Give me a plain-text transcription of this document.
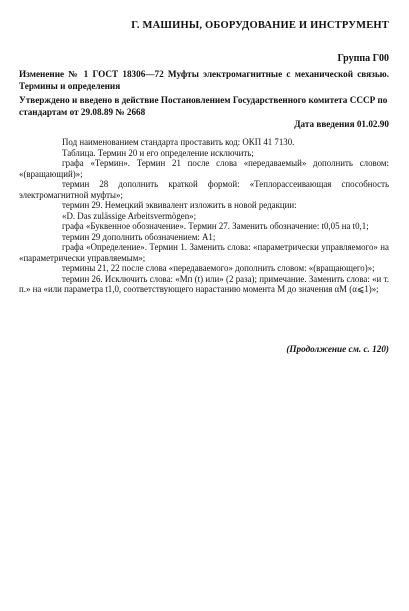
Г. МАШИНЫ, ОБОРУДОВАНИЕ И ИНСТРУМЕНТ
Группа Г00
Изменение № 1 ГОСТ 18306—72 Муфты электромагнитные с механической связью. Термины и определения
Утверждено и введено в действие Постановлением Государственного комитета СССР по стандартам от 29.08.89 № 2668
Дата введения 01.02.90

Под наименованием стандарта проставить код: ОКП 41 7130.

Таблица. Термин 20 и его определение исключить;

графа «Термин». Термин 21 после слова «передаваемый» дополнить словом: «(вращающий)»;

термин 28 дополнить краткой формой: «Теплорассеивающая способность электромагнитной муфты»;

термин 29. Немецкий эквивалент изложить в новой редакции:

«D. Das zulässige Arbeitsvermögen»;

графа «Буквенное обозначение». Термин 27. Заменить обозначение: t0,05 на t0,1;

термин 29 дополнить обозначением: A1;

графа «Определение». Термин 1. Заменить слова: «параметрически управляемого» на «параметрически управляемым»;

термины 21, 22 после слова «передаваемого» дополнить словом: «(вращающего)»;

термин 26. Исключить слова: «Mп (t) или» (2 раза); примечание. Заменить слова: «и т. п.» на «или параметра t1,0, соответствующего нарастанию момента M до значения αM (α⩽1)»;

(Продолжение см. с. 120)
